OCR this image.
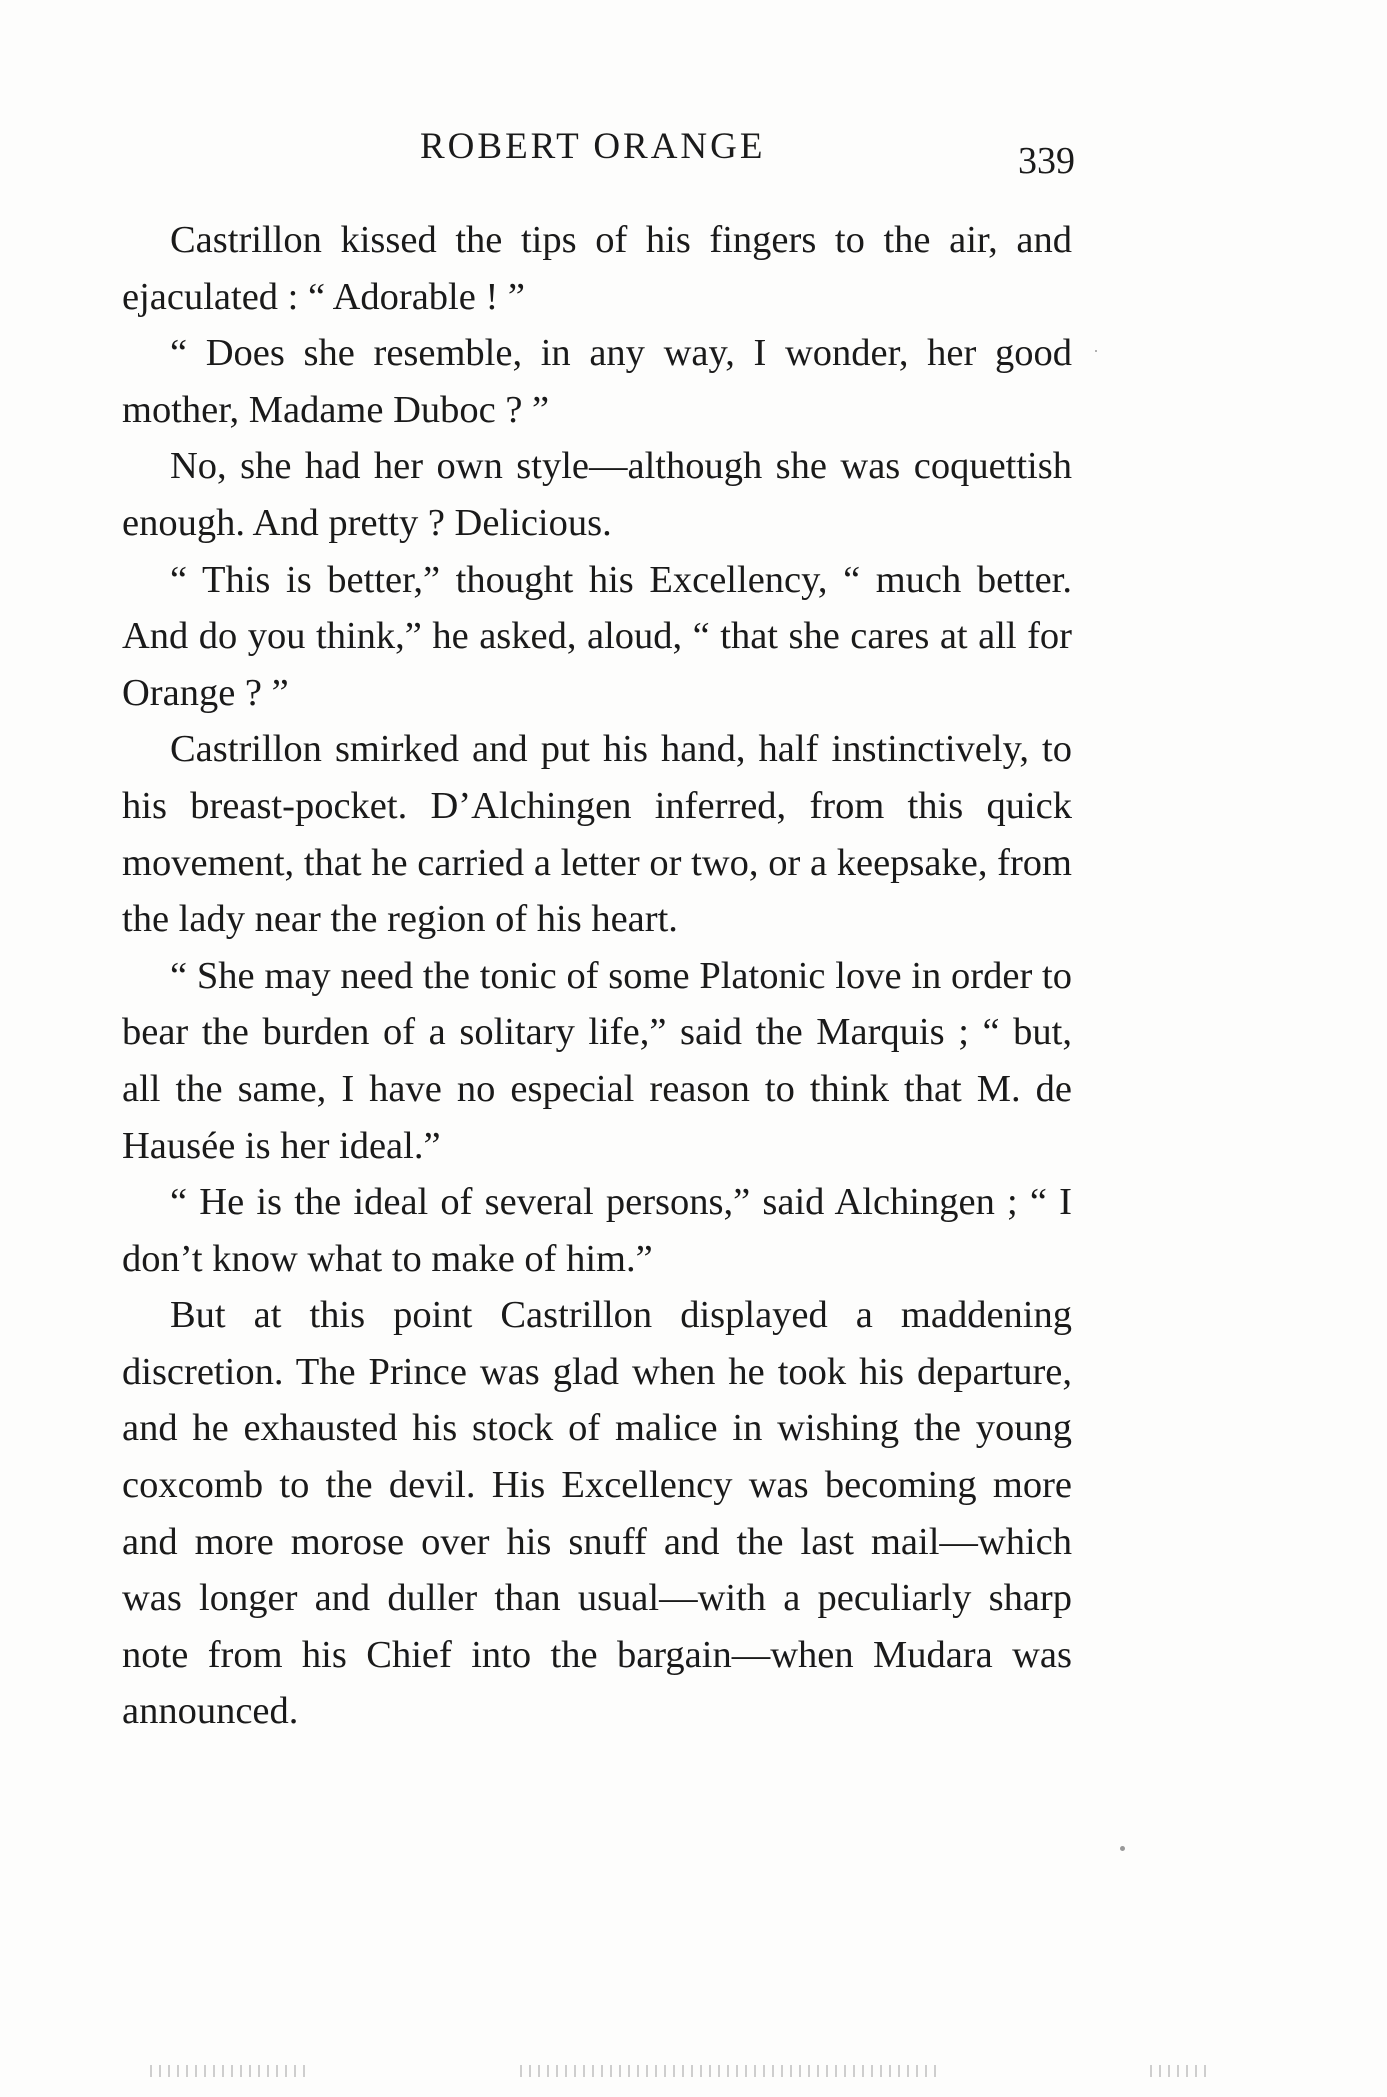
ROBERT ORANGE	339

Castrillon kissed the tips of his fingers to the air, and ejaculated : “ Adorable ! ”

“ Does she resemble, in any way, I wonder, her good mother, Madame Duboc ? ”

No, she had her own style—although she was coquettish enough. And pretty ? Delicious.

“ This is better,” thought his Excellency, “ much better. And do you think,” he asked, aloud, “ that she cares at all for Orange ? ”

Castrillon smirked and put his hand, half instinctively, to his breast-pocket. D’Alchingen inferred, from this quick movement, that he carried a letter or two, or a keepsake, from the lady near the region of his heart.

“ She may need the tonic of some Platonic love in order to bear the burden of a solitary life,” said the Marquis ; “ but, all the same, I have no especial reason to think that M. de Hausée is her ideal.”

“ He is the ideal of several persons,” said Alchingen ; “ I don’t know what to make of him.”

But at this point Castrillon displayed a maddening discretion. The Prince was glad when he took his departure, and he exhausted his stock of malice in wishing the young coxcomb to the devil. His Excellency was becoming more and more morose over his snuff and the last mail—which was longer and duller than usual—with a peculiarly sharp note from his Chief into the bargain—when Mudara was announced.
